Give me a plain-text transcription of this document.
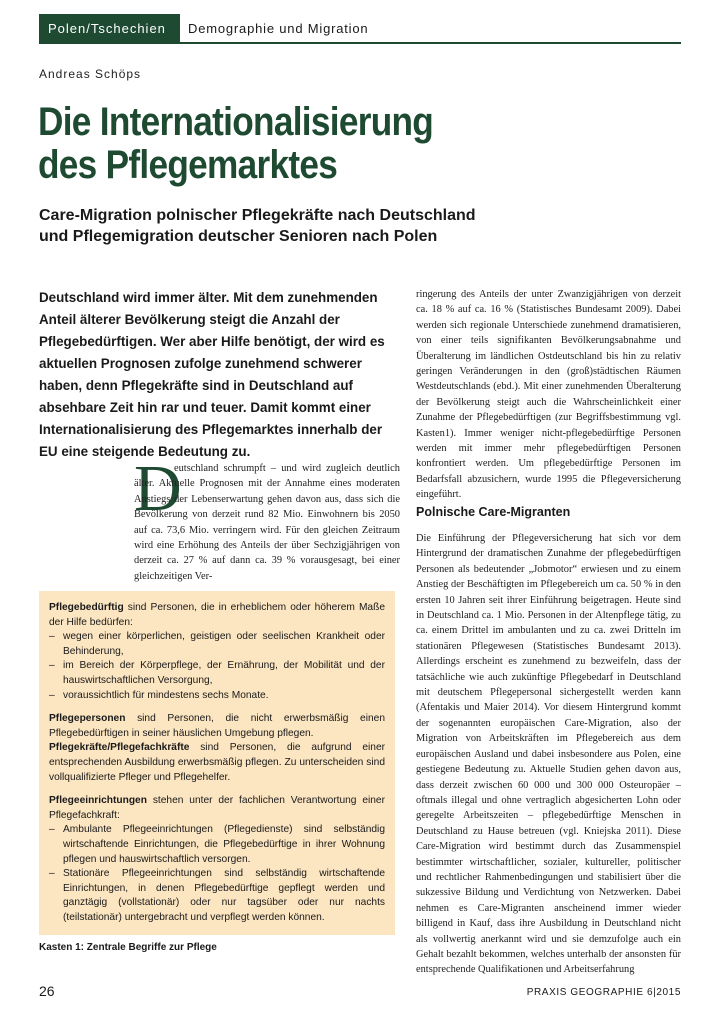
Polen/Tschechien	Demographie und Migration
Andreas Schöps
Die Internationalisierung
des Pflegemarktes
Care-Migration polnischer Pflegekräfte nach Deutschland
und Pflegemigration deutscher Senioren nach Polen

Deutschland wird immer älter. Mit dem zunehmenden Anteil älterer Bevölkerung steigt die Anzahl der Pflegebedürftigen. Wer aber Hilfe benötigt, der wird es aktuellen Prognosen zufolge zunehmend schwerer haben, denn Pflegekräfte sind in Deutschland auf absehbare Zeit hin rar und teuer. Damit kommt einer Internationalisierung des Pflegemarktes innerhalb der EU eine steigende Bedeutung zu.

D

eutschland schrumpft – und wird zugleich deutlich älter. Aktuelle Prognosen mit der Annahme eines moderaten Anstiegs der Lebenserwartung gehen davon aus, dass sich die Bevölkerung von derzeit rund 82 Mio. Einwohnern bis 2050 auf ca. 73,6 Mio. verringern wird. Für den gleichen Zeitraum wird eine Erhöhung des Anteils der über Sechzigjährigen von derzeit ca. 27 % auf dann ca. 39 % vorausgesagt, bei einer gleichzeitigen Ver-

ringerung des Anteils der unter Zwanzigjährigen von derzeit ca. 18 % auf ca. 16 % (Statistisches Bundesamt 2009). Dabei werden sich regionale Unterschiede zunehmend dramatisieren, von einer teils signifikanten Bevölkerungsabnahme und Überalterung im ländlichen Ostdeutschland bis hin zu relativ geringen Veränderungen in den (groß)städtischen Räumen Westdeutschlands (ebd.). Mit einer zunehmenden Überalterung der Bevölkerung steigt auch die Wahrscheinlichkeit einer Zunahme der Pflegebedürftigen (zur Begriffsbestimmung vgl. Kasten1). Immer weniger nicht-pflegebedürftige Personen werden mit immer mehr pflegebedürftigen Personen konfrontiert werden. Um pflegebedürftige Personen im Bedarfsfall abzusichern, wurde 1995 die Pflegeversicherung eingeführt.

Polnische Care-Migranten

Die Einführung der Pflegeversicherung hat sich vor dem Hintergrund der dramatischen Zunahme der pflegebedürftigen Personen als bedeutender „Jobmotor“ erwiesen und zu einem Anstieg der Beschäftigten im Pflegebereich um ca. 50 % in den ersten 10 Jahren seit ihrer Einführung beigetragen. Heute sind in Deutschland ca. 1 Mio. Personen in der Altenpflege tätig, zu ca. einem Drittel im ambulanten und zu ca. zwei Dritteln im stationären Pflegewesen (Statistisches Bundesamt 2013). Allerdings erscheint es zunehmend zu bezweifeln, dass der tatsächliche wie auch zukünftige Pflegebedarf in Deutschland mit deutschem Pflegepersonal sichergestellt werden kann (Afentakis und Maier 2014). Vor diesem Hintergrund kommt der sogenannten europäischen Care-Migration, also der Migration von Arbeitskräften im Pflegebereich aus dem europäischen Ausland und dabei insbesondere aus Polen, eine gestiegene Bedeutung zu. Aktuelle Studien gehen davon aus, dass derzeit zwischen 60 000 und 300 000 Osteuropäer – oftmals illegal und ohne vertraglich abgesicherten Lohn oder geregelte Arbeitszeiten – pflegebedürftige Menschen in Deutschland zu Hause betreuen (vgl. Kniejska 2011). Diese Care-Migration wird bestimmt durch das Zusammenspiel bestimmter wirtschaftlicher, sozialer, kultureller, politischer und rechtlicher Rahmenbedingungen und stabilisiert über die sukzessive Bildung und Verdichtung von Netzwerken. Dabei nehmen es Care-Migranten anscheinend immer wieder billigend in Kauf, dass ihre Ausbildung in Deutschland nicht als vollwertig anerkannt wird und sie demzufolge auch ein Gehalt bezahlt bekommen, welches unterhalb der ansonsten für entsprechende Qualifikationen und Arbeitserfahrung

Pflegebedürftig sind Personen, die in erheblichem oder höherem Maße der Hilfe bedürfen:

– wegen einer körperlichen, geistigen oder seelischen Krankheit oder Behinderung,
– im Bereich der Körperpflege, der Ernährung, der Mobilität und der hauswirtschaftlichen Versorgung,
– voraussichtlich für mindestens sechs Monate.

Pflegepersonen sind Personen, die nicht erwerbsmäßig einen Pflegebedürftigen in seiner häuslichen Umgebung pflegen.

Pflegekräfte/Pflegefachkräfte sind Personen, die aufgrund einer entsprechenden Ausbildung erwerbsmäßig pflegen. Zu unterscheiden sind vollqualifizierte Pfleger und Pflegehelfer.

Pflegeeinrichtungen stehen unter der fachlichen Verantwortung einer Pflegefachkraft:

– Ambulante Pflegeeinrichtungen (Pflegedienste) sind selbständig wirtschaftende Einrichtungen, die Pflegebedürftige in ihrer Wohnung pflegen und hauswirtschaftlich versorgen.
– Stationäre Pflegeeinrichtungen sind selbständig wirtschaftende Einrichtungen, in denen Pflegebedürftige gepflegt werden und ganztägig (vollstationär) oder nur tagsüber oder nur nachts (teilstationär) untergebracht und verpflegt werden können.
Kasten 1: Zentrale Begriffe zur Pflege
26	PRAXIS GEOGRAPHIE 6|2015
